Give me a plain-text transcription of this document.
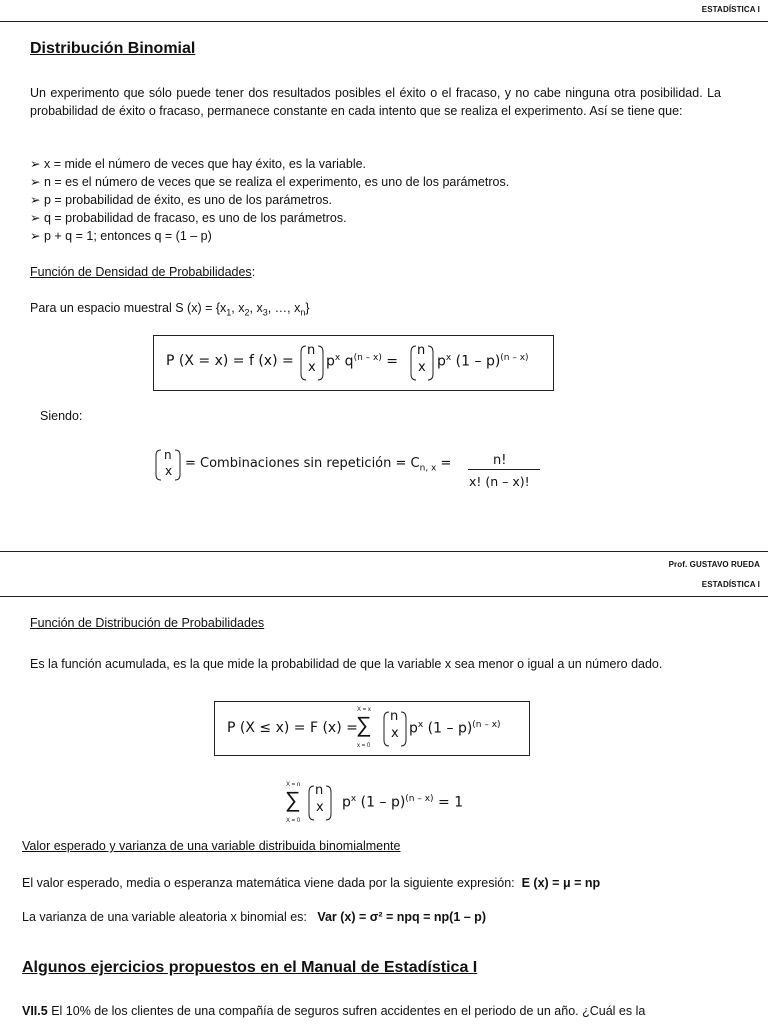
ESTADÍSTICA I
Distribución Binomial
Un experimento que sólo puede tener dos resultados posibles el éxito o el fracaso, y no cabe ninguna otra posibilidad. La probabilidad de éxito o fracaso, permanece constante en cada intento que se realiza el experimento. Así se tiene que:
➢ x = mide el número de veces que hay éxito, es la variable.
➢ n = es el número de veces que se realiza el experimento, es uno de los parámetros.
➢ p = probabilidad de éxito, es uno de los parámetros.
➢ q = probabilidad de fracaso, es uno de los parámetros.
➢ p + q = 1; entonces q = (1 – p)
Función de Densidad de Probabilidades:
Para un espacio muestral S $(x) = \{x_1$, $x_2$, $x_3$, …, $x_n$}
P (X = x) = f (x) =
n
x $p^x$ $q^{(n - x)}$ =
n
x $p^x$ (1 – p)$^{(n - x)}$
Siendo:
n
x = Combinaciones sin repetición = $C_{n, x}$ =	n!
x! (n – x)!
Prof. GUSTAVO RUEDA
ESTADÍSTICA I
Función de Distribución de Probabilidades
Es la función acumulada, es la que mide la probabilidad de que la variable x sea menor o igual a un número dado.
P (X ≤ x) = F (x) =
X = x
∑
x = 0
n
x $p^x$ (1 – p)$^{(n - x)}$
X = n
∑
X = 0
n
x $p^x$ (1 – p)$^{(n - x)}$ = 1
Valor esperado y varianza de una variable distribuida binomialmente
El valor esperado, media o esperanza matemática viene dada por la siguiente expresión: E (x) = μ = np
La varianza de una variable aleatoria x binomial es: Var (x) = σ² = npq = np(1 – p)
Algunos ejercicios propuestos en el Manual de Estadística I
VII.5 El 10% de los clientes de una compañía de seguros sufren accidentes en el periodo de un año. ¿Cuál es la
